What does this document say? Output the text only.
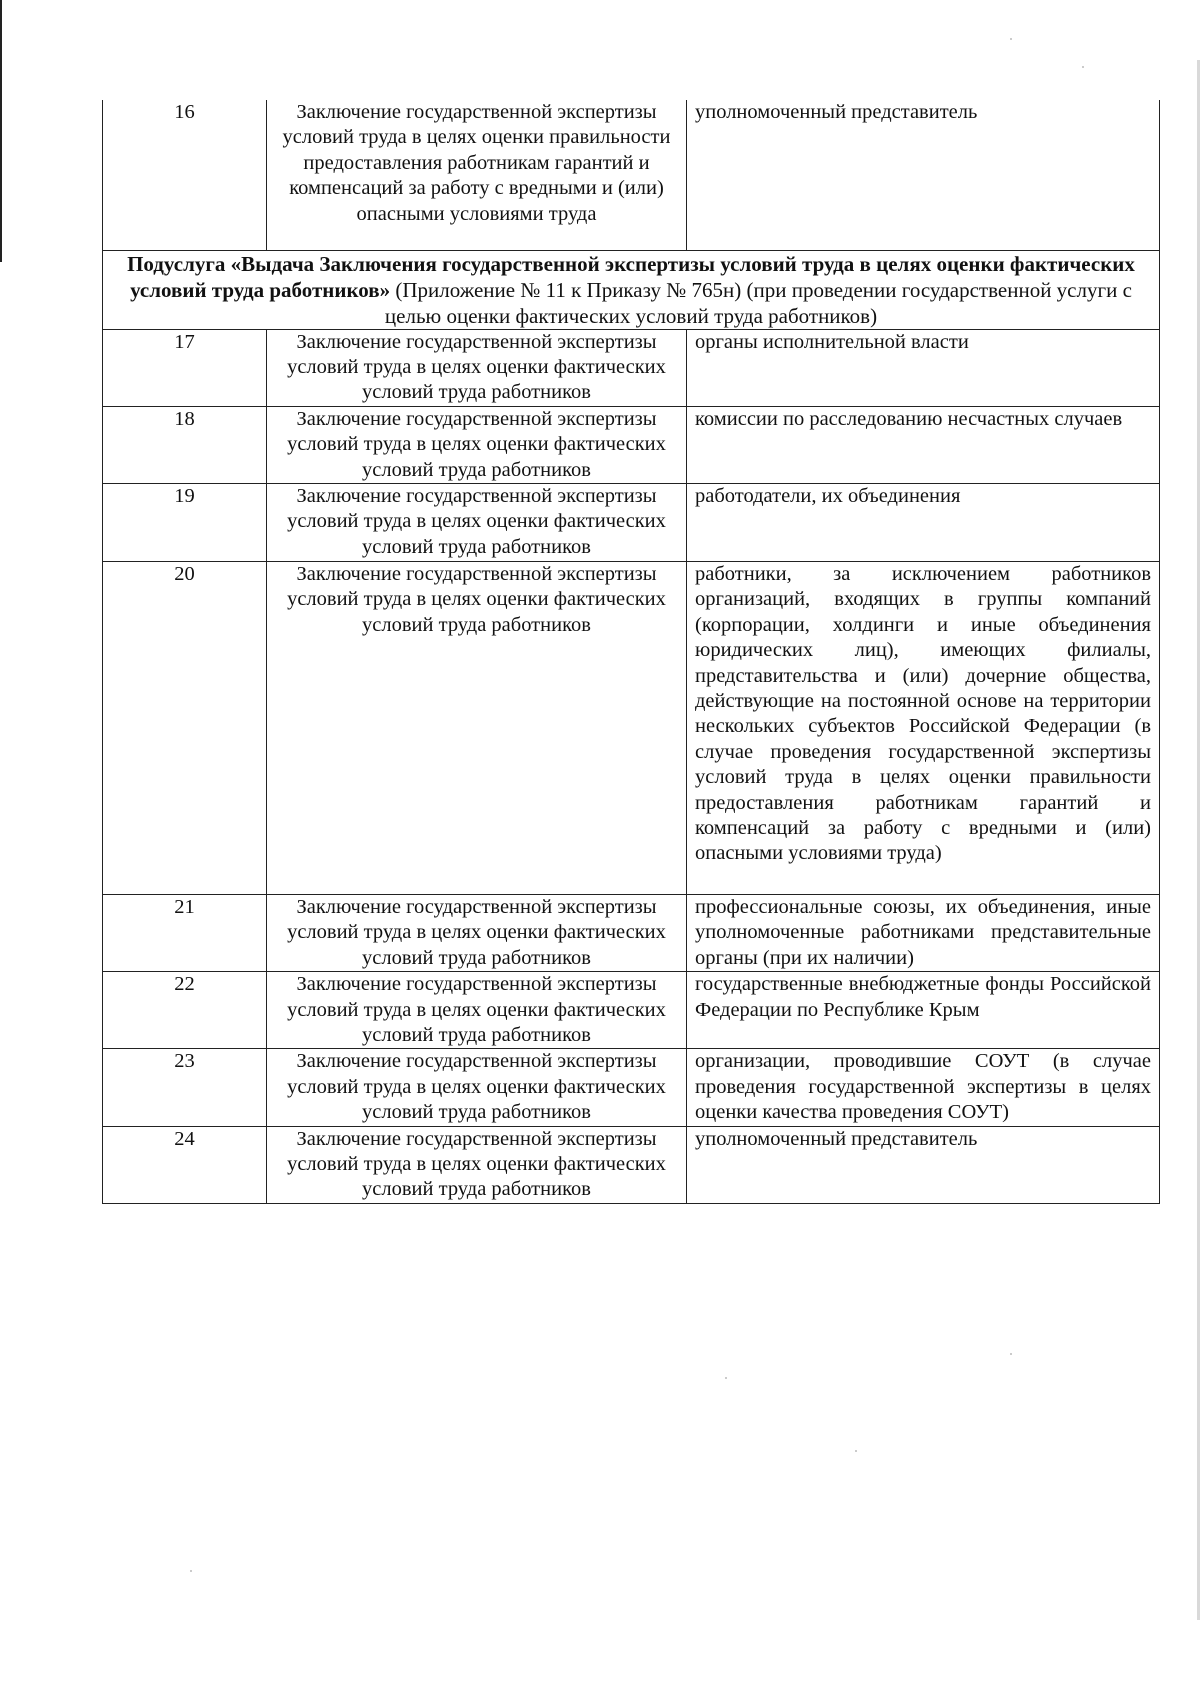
16	Заключение государственной экспертизы условий труда в целях оценки правильности предоставления работникам гарантий и компенсаций за работу с вредными и (или) опасными условиями труда	уполномоченный представитель
Подуслуга «Выдача Заключения государственной экспертизы условий труда в целях оценки фактических условий труда работников» (Приложение № 11 к Приказу № 765н) (при проведении государственной услуги с целью оценки фактических условий труда работников)		
17	Заключение государственной экспертизы условий труда в целях оценки фактических условий труда работников	органы исполнительной власти
18	Заключение государственной экспертизы условий труда в целях оценки фактических условий труда работников	комиссии по расследованию несчастных случаев
19	Заключение государственной экспертизы условий труда в целях оценки фактических условий труда работников	работодатели, их объединения
20	Заключение государственной экспертизы условий труда в целях оценки фактических условий труда работников	работники, за исключением работников организаций, входящих в группы компаний (корпорации, холдинги и иные объединения юридических лиц), имеющих филиалы, представительства и (или) дочерние общества, действующие на постоянной основе на территории нескольких субъектов Российской Федерации (в случае проведения государственной экспертизы условий труда в целях оценки правильности предоставления работникам гарантий и компенсаций за работу с вредными и (или) опасными условиями труда)
21	Заключение государственной экспертизы условий труда в целях оценки фактических условий труда работников	профессиональные союзы, их объединения, иные уполномоченные работниками представительные органы (при их наличии)
22	Заключение государственной экспертизы условий труда в целях оценки фактических условий труда работников	государственные внебюджетные фонды Российской Федерации по Республике Крым
23	Заключение государственной экспертизы условий труда в целях оценки фактических условий труда работников	организации, проводившие СОУТ (в случае проведения государственной экспертизы в целях оценки качества проведения СОУТ)
24	Заключение государственной экспертизы условий труда в целях оценки фактических условий труда работников	уполномоченный представитель
